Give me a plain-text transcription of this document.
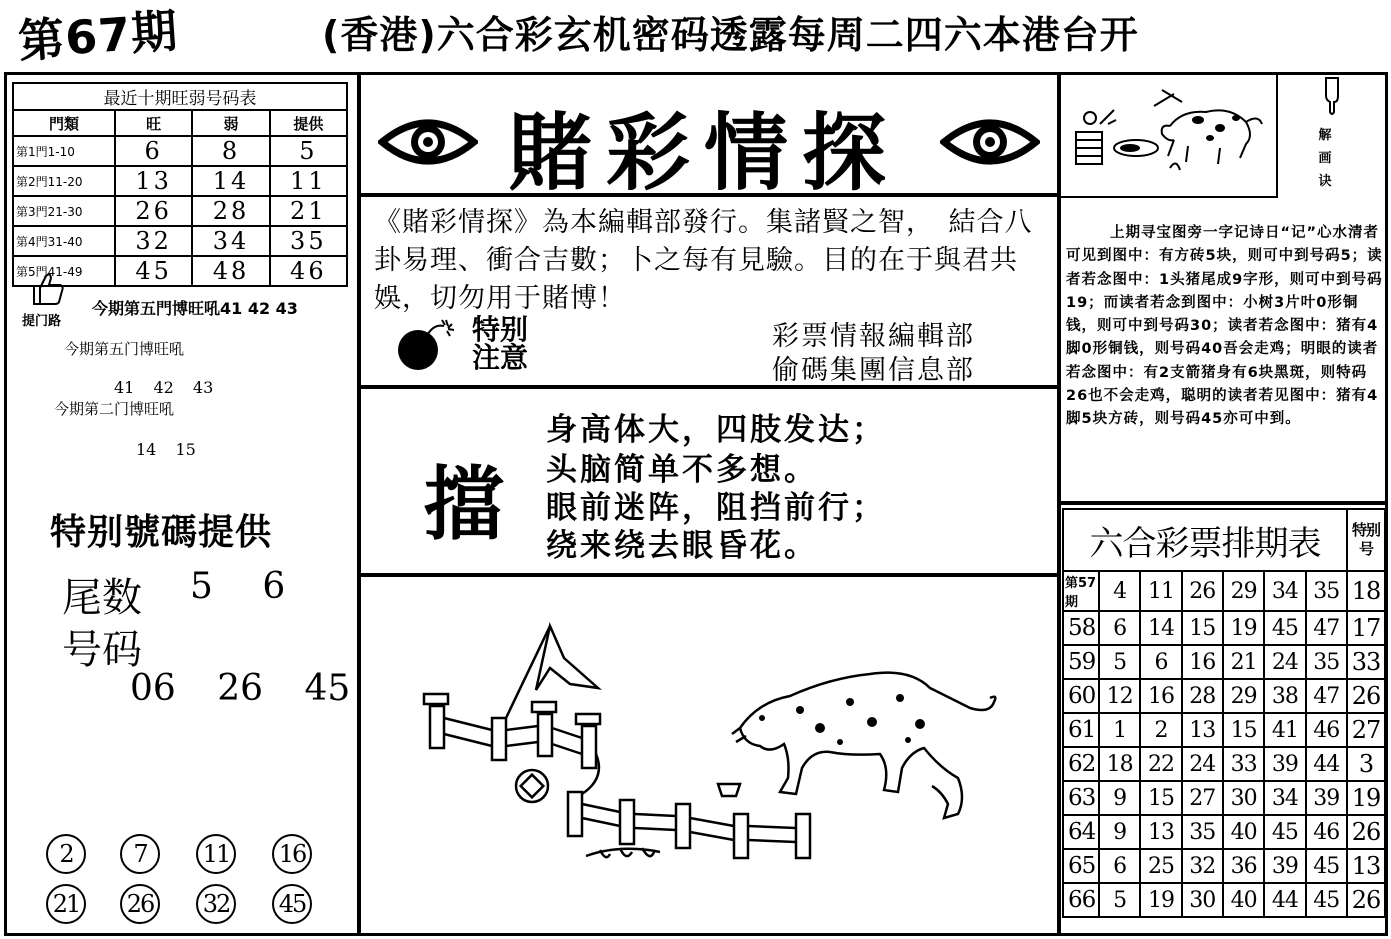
第67期	(香港)六合彩玄机密码透露每周二四六本港台开
最近十期旺弱号码表			
門類	旺	弱	提供
第1門1-10	6	8	5
第2門11-20	13	14	11
第3門21-30	26	28	21
第4門31-40	32	34	35
第5門41-49	45	48	46
提门路
今期第五門博旺吼41 42 43
今期第五门博旺吼
41 42 43
今期第二门博旺吼
14 15
特别號碼提供
尾数 5 6
号码
06 26 45
2	7	11 16
21 26 32 45
賭彩情探
《賭彩情探》為本編輯部發行。集諸賢之智，　結合八卦易理、衝合吉數；卜之每有見驗。目的在于與君共娛，切勿用于賭博！
特别
注意
彩票情報編輯部
偷碼集團信息部
擋
身高体大，四肢发达；
头脑简单不多想。
眼前迷阵，阻挡前行；
绕来绕去眼昏花。
解画诀
上期寻宝图旁一字记诗日“记”心水清者可见到图中：有方砖5块，则可中到号码5；读者若念图中：1头猪尾成9字形，则可中到号码19；而读者若念到图中：小树3片叶0形铜钱，则可中到号码30；读者若念图中：猪有4脚0形铜钱，则号码40吾会走鸡；明眼的读者若念图中：有2支箭猪身有6块黑斑，则特码26也不会走鸡，聪明的读者若见图中：猪有4脚5块方砖，则号码45亦可中到。
六合彩票排期表							特别号
第57期	4	11	26	29	34	35	18
58	6	14	15	19	45	47	17
59	5	6	16	21	24	35	33
60	12	16	28	29	38	47	26
61	1	2	13	15	41	46	27
62	18	22	24	33	39	44	3
63	9	15	27	30	34	39	19
64	9	13	35	40	45	46	26
65	6	25	32	36	39	45	13
66	5	19	30	40	44	45	26
